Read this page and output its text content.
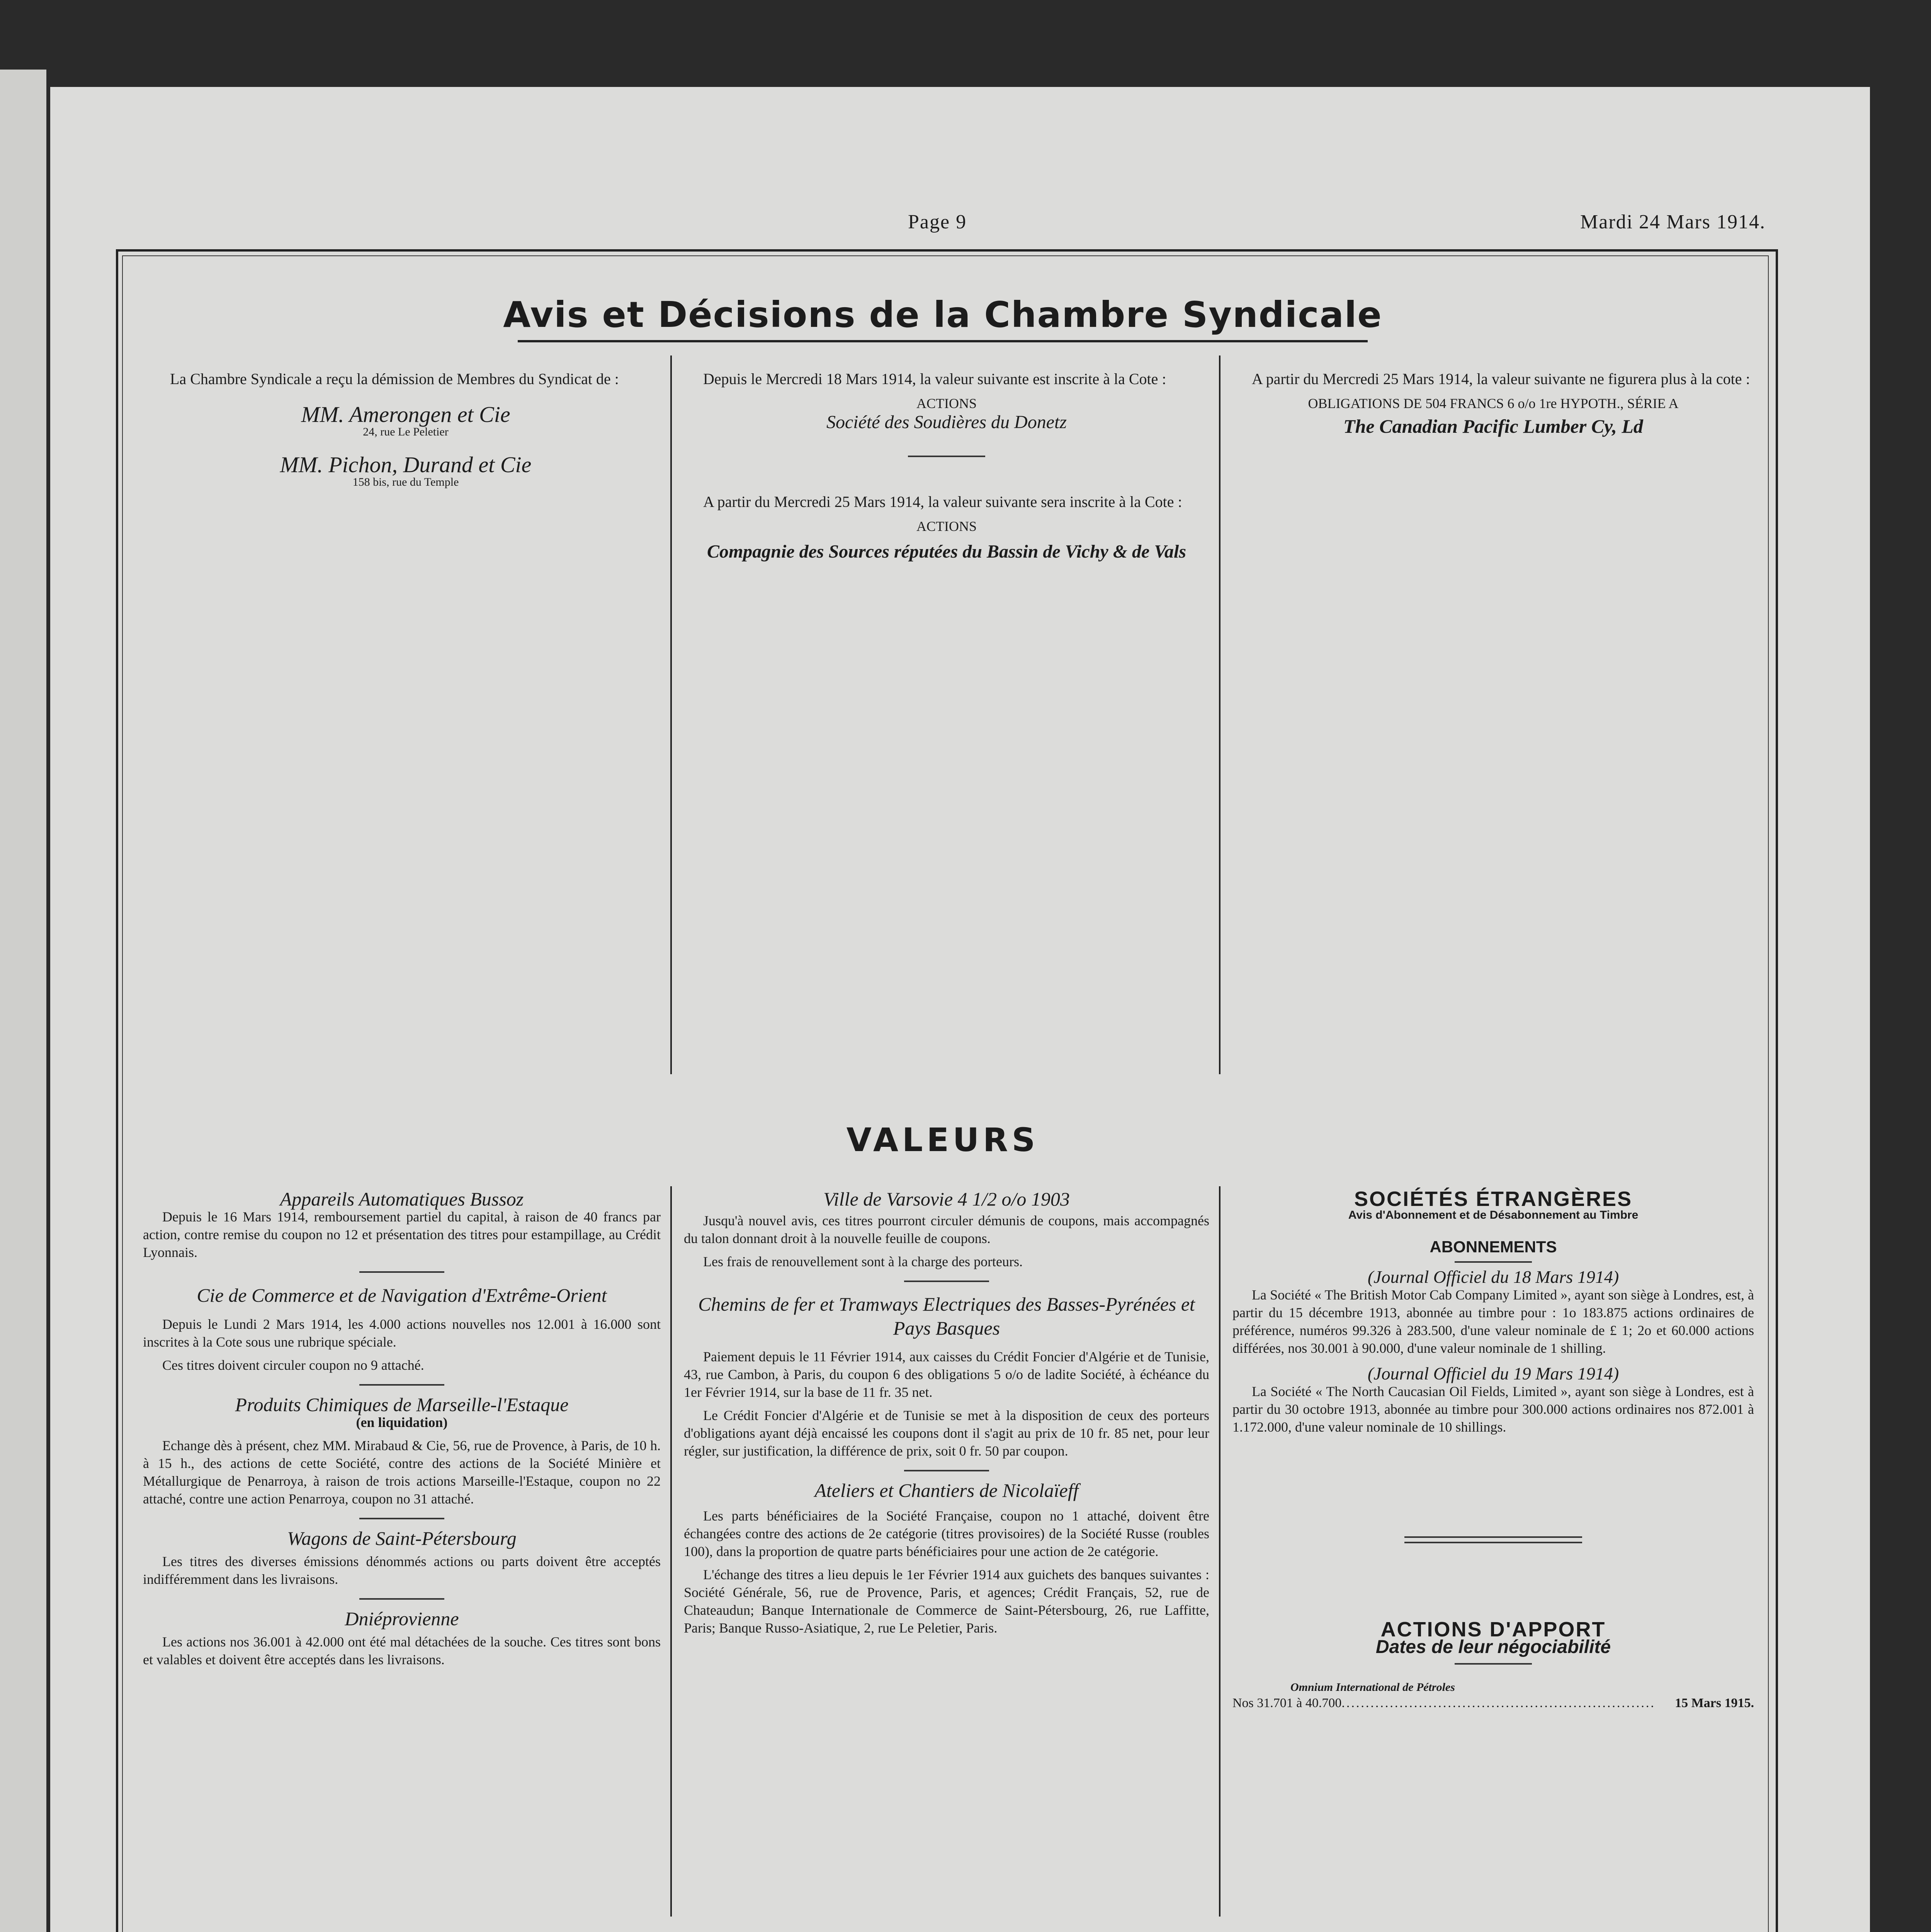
Page 9	Mardi 24 Mars 1914.
Avis et Décisions de la Chambre Syndicale

La Chambre Syndicale a reçu la démission de Membres du Syndicat de :

MM. Amerongen et Cie
24, rue Le Peletier
MM. Pichon, Durand et Cie
158 bis, rue du Temple

Depuis le Mercredi 18 Mars 1914, la valeur suivante est inscrite à la Cote :

ACTIONS
Société des Soudières du Donetz

A partir du Mercredi 25 Mars 1914, la valeur suivante sera inscrite à la Cote :

ACTIONS
Compagnie des Sources réputées du Bassin de Vichy & de Vals

A partir du Mercredi 25 Mars 1914, la valeur suivante ne figurera plus à la cote :

OBLIGATIONS DE 504 FRANCS 6 o/o 1re HYPOTH., SÉRIE A
The Canadian Pacific Lumber Cy, Ld
VALEURS
Appareils Automatiques Bussoz

Depuis le 16 Mars 1914, remboursement partiel du capital, à raison de 40 francs par action, contre remise du coupon no 12 et présentation des titres pour estampillage, au Crédit Lyonnais.

Cie de Commerce et de Navigation d'Extrême-Orient

Depuis le Lundi 2 Mars 1914, les 4.000 actions nouvelles nos 12.001 à 16.000 sont inscrites à la Cote sous une rubrique spéciale.

Ces titres doivent circuler coupon no 9 attaché.

Produits Chimiques de Marseille-l'Estaque
(en liquidation)

Echange dès à présent, chez MM. Mirabaud & Cie, 56, rue de Provence, à Paris, de 10 h. à 15 h., des actions de cette Société, contre des actions de la Société Minière et Métallurgique de Penarroya, à raison de trois actions Marseille-l'Estaque, coupon no 22 attaché, contre une action Penarroya, coupon no 31 attaché.

Wagons de Saint-Pétersbourg

Les titres des diverses émissions dénommés actions ou parts doivent être acceptés indifféremment dans les livraisons.

Dniéprovienne

Les actions nos 36.001 à 42.000 ont été mal détachées de la souche. Ces titres sont bons et valables et doivent être acceptés dans les livraisons.

Ville de Varsovie 4 1/2 o/o 1903

Jusqu'à nouvel avis, ces titres pourront circuler démunis de coupons, mais accompagnés du talon donnant droit à la nouvelle feuille de coupons.

Les frais de renouvellement sont à la charge des porteurs.

Chemins de fer et Tramways Electriques des Basses-Pyrénées et Pays Basques

Paiement depuis le 11 Février 1914, aux caisses du Crédit Foncier d'Algérie et de Tunisie, 43, rue Cambon, à Paris, du coupon 6 des obligations 5 o/o de ladite Société, à échéance du 1er Février 1914, sur la base de 11 fr. 35 net.

Le Crédit Foncier d'Algérie et de Tunisie se met à la disposition de ceux des porteurs d'obligations ayant déjà encaissé les coupons dont il s'agit au prix de 10 fr. 85 net, pour leur régler, sur justification, la différence de prix, soit 0 fr. 50 par coupon.

Ateliers et Chantiers de Nicolaïeff

Les parts bénéficiaires de la Société Française, coupon no 1 attaché, doivent être échangées contre des actions de 2e catégorie (titres provisoires) de la Société Russe (roubles 100), dans la proportion de quatre parts bénéficiaires pour une action de 2e catégorie.

L'échange des titres a lieu depuis le 1er Février 1914 aux guichets des banques suivantes : Société Générale, 56, rue de Provence, Paris, et agences; Crédit Français, 52, rue de Chateaudun; Banque Internationale de Commerce de Saint-Pétersbourg, 26, rue Laffitte, Paris; Banque Russo-Asiatique, 2, rue Le Peletier, Paris.

SOCIÉTÉS ÉTRANGÈRES
Avis d'Abonnement et de Désabonnement au Timbre
ABONNEMENTS
(Journal Officiel du 18 Mars 1914)

La Société « The British Motor Cab Company Limited », ayant son siège à Londres, est, à partir du 15 décembre 1913, abonnée au timbre pour : 1o 183.875 actions ordinaires de préférence, numéros 99.326 à 283.500, d'une valeur nominale de £ 1; 2o et 60.000 actions différées, nos 30.001 à 90.000, d'une valeur nominale de 1 shilling.

(Journal Officiel du 19 Mars 1914)

La Société « The North Caucasian Oil Fields, Limited », ayant son siège à Londres, est à partir du 30 octobre 1913, abonnée au timbre pour 300.000 actions ordinaires nos 872.001 à 1.172.000, d'une valeur nominale de 10 shillings.

ACTIONS D'APPORT
Dates de leur négociabilité
Omnium International de Pétroles
Nos 31.701 à 40.700
.....	15 Mars 1915.
